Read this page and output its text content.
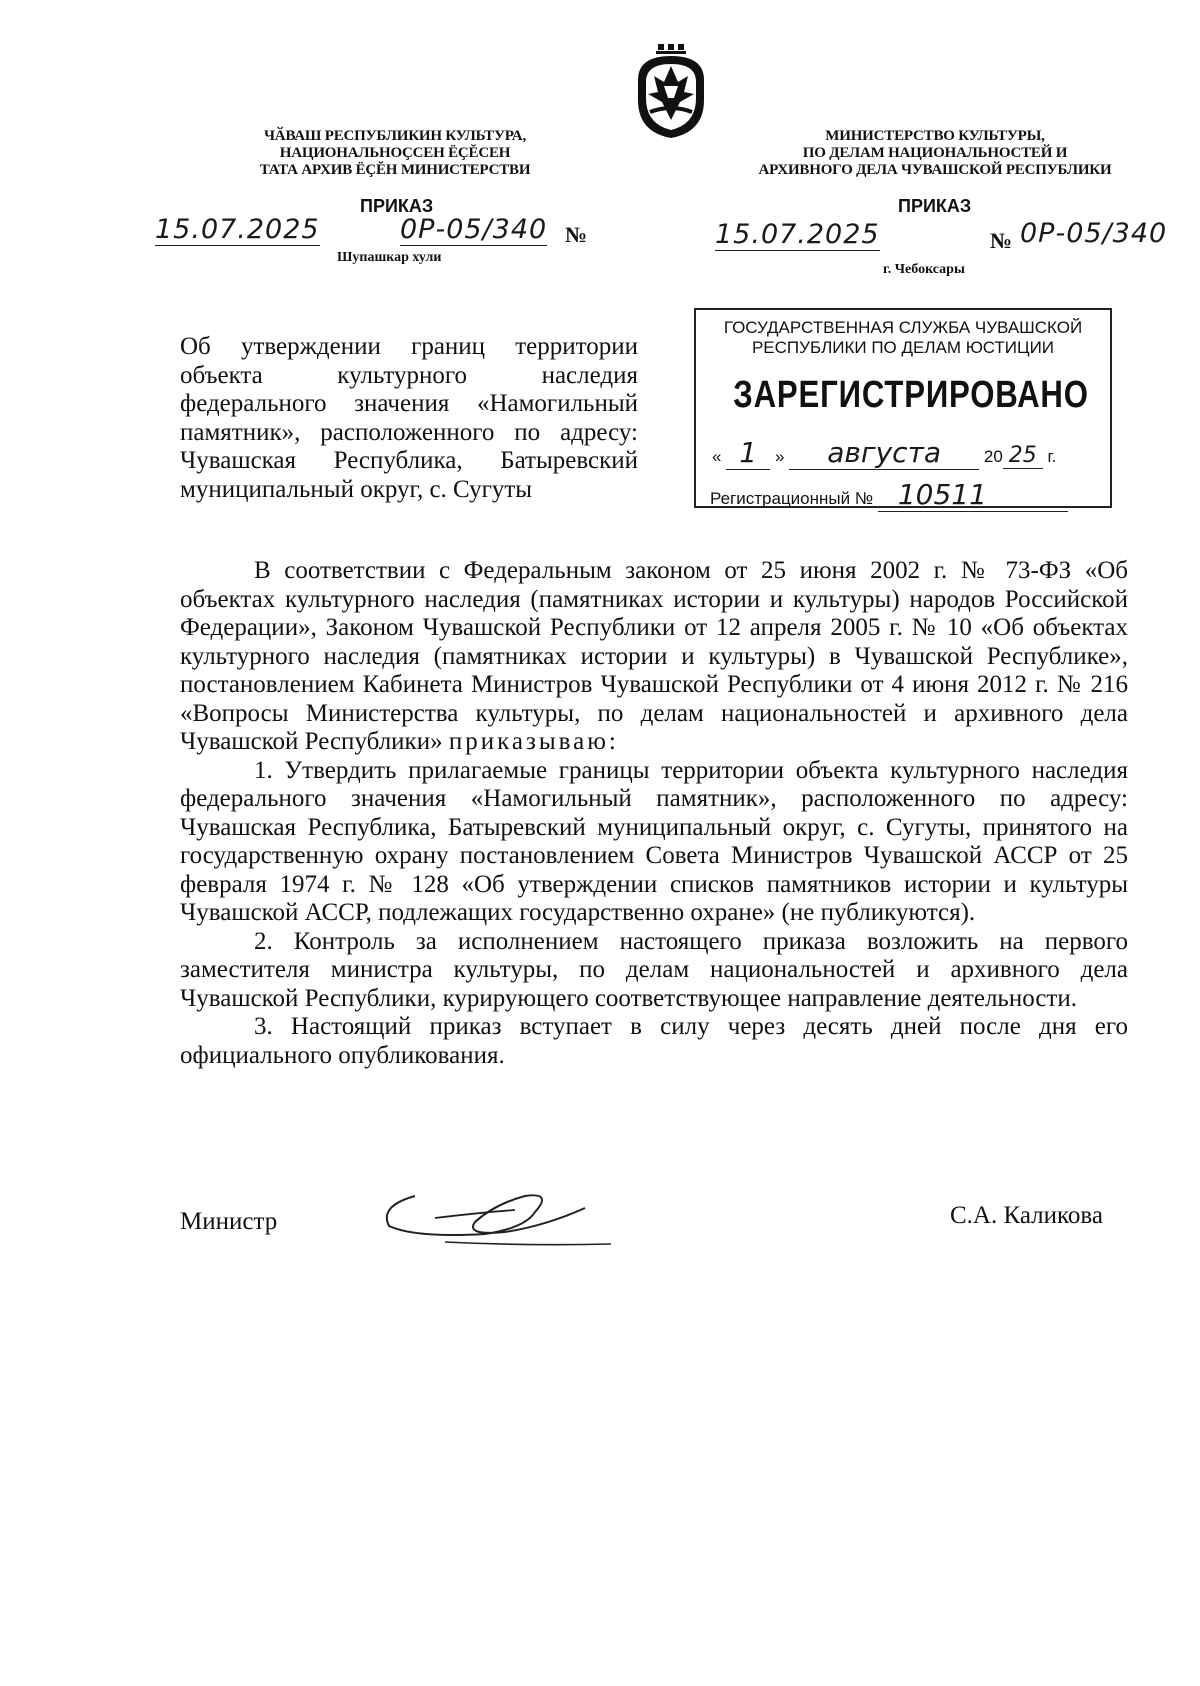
ЧӐВАШ РЕСПУБЛИКИН КУЛЬТУРА,
НАЦИОНАЛЬНОҪСЕН ЁҪĔСЕН
ТАТА АРХИВ ЁҪĔН МИНИСТЕРСТВИ
МИНИСТЕРСТВО КУЛЬТУРЫ,
ПО ДЕЛАМ НАЦИОНАЛЬНОСТЕЙ И
АРХИВНОГО ДЕЛА ЧУВАШСКОЙ РЕСПУБЛИКИ
ПРИКАЗ	ПРИКАЗ
15.07.2025	0Р-05/340 №
Шупашкар хули
15.07.2025	№ 0Р-05/340
г. Чебоксары
Об утверждении границ территории объекта культурного наследия федерального значения «Намогильный памятник», расположенного по адресу: Чувашская Республика, Батыревский муниципальный округ, с. Сугуты
ГОСУДАРСТВЕННАЯ СЛУЖБА ЧУВАШСКОЙ
РЕСПУБЛИКИ ПО ДЕЛАМ ЮСТИЦИИ
ЗАРЕГИСТРИРОВАНО
« 1 » августа	20 25 г.
Регистрационный № 10511

В соответствии с Федеральным законом от 25 июня 2002 г. № 73-ФЗ «Об объектах культурного наследия (памятниках истории и культуры) народов Российской Федерации», Законом Чувашской Республики от 12 апреля 2005 г. № 10 «Об объектах культурного наследия (памятниках истории и культуры) в Чувашской Республике», постановлением Кабинета Министров Чувашской Республики от 4 июня 2012 г. № 216 «Вопросы Министерства культуры, по делам национальностей и архивного дела Чувашской Республики» приказываю:

1. Утвердить прилагаемые границы территории объекта культурного наследия федерального значения «Намогильный памятник», расположенного по адресу: Чувашская Республика, Батыревский муниципальный округ, с. Сугуты, принятого на государственную охрану постановлением Совета Министров Чувашской АССР от 25 февраля 1974 г. № 128 «Об утверждении списков памятников истории и культуры Чувашской АССР, подлежащих государственно охране» (не публикуются).

2. Контроль за исполнением настоящего приказа возложить на первого заместителя министра культуры, по делам национальностей и архивного дела Чувашской Республики, курирующего соответствующее направление деятельности.

3. Настоящий приказ вступает в силу через десять дней после дня его официального опубликования.

Министр	С.А. Каликова
